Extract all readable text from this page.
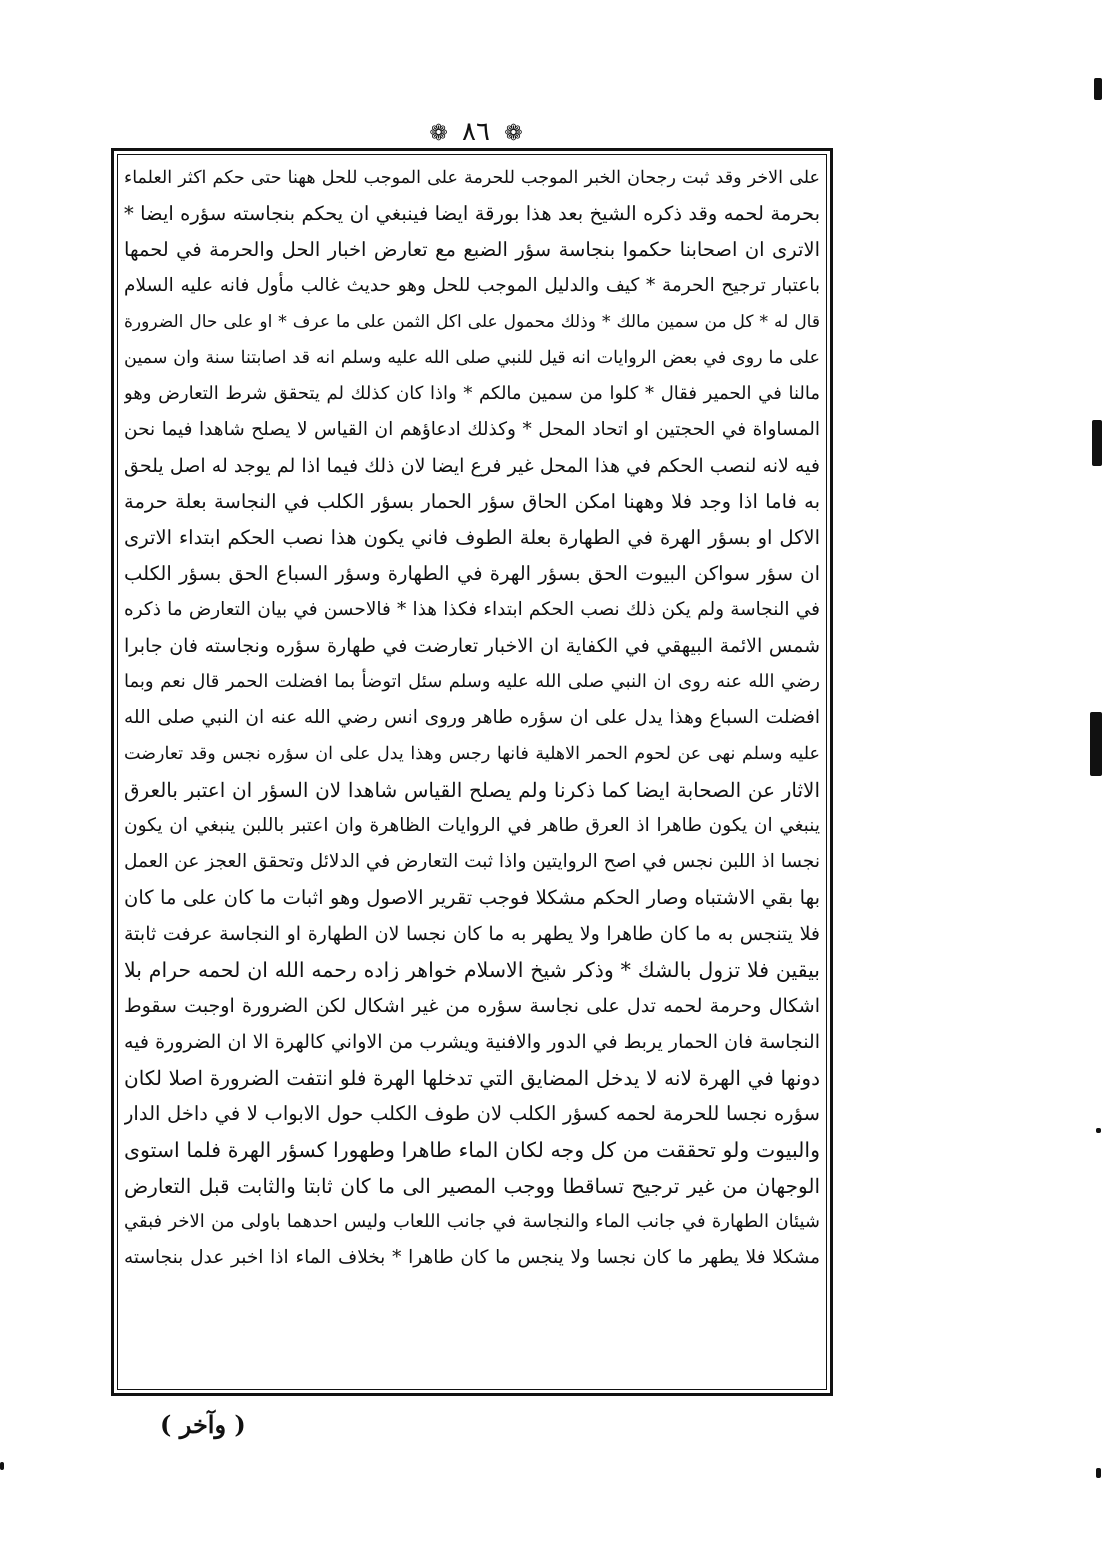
❁ ٨٦ ❁
على الاخر وقد ثبت رجحان الخبر الموجب للحرمة على الموجب للحل ههنا حتى حكم اكثر العلماء
بحرمة لحمه وقد ذكره الشيخ بعد هذا بورقة ايضا فينبغي ان يحكم بنجاسته سؤره ايضا *
الاترى ان اصحابنا حكموا بنجاسة سؤر الضبع مع تعارض اخبار الحل والحرمة في لحمها
باعتبار ترجيح الحرمة * كيف والدليل الموجب للحل وهو حديث غالب مأول فانه عليه السلام
قال له * كل من سمين مالك * وذلك محمول على اكل الثمن على ما عرف * او على حال الضرورة
على ما روى في بعض الروايات انه قيل للنبي صلى الله عليه وسلم انه قد اصابتنا سنة وان سمين
مالنا في الحمير فقال * كلوا من سمين مالكم * واذا كان كذلك لم يتحقق شرط التعارض وهو
المساواة في الحجتين او اتحاد المحل * وكذلك ادعاؤهم ان القياس لا يصلح شاهدا فيما نحن
فيه لانه لنصب الحكم في هذا المحل غير فرع ايضا لان ذلك فيما اذا لم يوجد له اصل يلحق
به فاما اذا وجد فلا وههنا امكن الحاق سؤر الحمار بسؤر الكلب في النجاسة بعلة حرمة
الاكل او بسؤر الهرة في الطهارة بعلة الطوف فاني يكون هذا نصب الحكم ابتداء الاترى
ان سؤر سواكن البيوت الحق بسؤر الهرة في الطهارة وسؤر السباع الحق بسؤر الكلب
في النجاسة ولم يكن ذلك نصب الحكم ابتداء فكذا هذا * فالاحسن في بيان التعارض ما ذكره
شمس الائمة البيهقي في الكفاية ان الاخبار تعارضت في طهارة سؤره ونجاسته فان جابرا
رضي الله عنه روى ان النبي صلى الله عليه وسلم سئل اتوضأ بما افضلت الحمر قال نعم وبما
افضلت السباع وهذا يدل على ان سؤره طاهر وروى انس رضي الله عنه ان النبي صلى الله
عليه وسلم نهى عن لحوم الحمر الاهلية فانها رجس وهذا يدل على ان سؤره نجس وقد تعارضت
الاثار عن الصحابة ايضا كما ذكرنا ولم يصلح القياس شاهدا لان السؤر ان اعتبر بالعرق
ينبغي ان يكون طاهرا اذ العرق طاهر في الروايات الظاهرة وان اعتبر باللبن ينبغي ان يكون
نجسا اذ اللبن نجس في اصح الروايتين واذا ثبت التعارض في الدلائل وتحقق العجز عن العمل
بها بقي الاشتباه وصار الحكم مشكلا فوجب تقرير الاصول وهو اثبات ما كان على ما كان
فلا يتنجس به ما كان طاهرا ولا يطهر به ما كان نجسا لان الطهارة او النجاسة عرفت ثابتة
بيقين فلا تزول بالشك * وذكر شيخ الاسلام خواهر زاده رحمه الله ان لحمه حرام بلا
اشكال وحرمة لحمه تدل على نجاسة سؤره من غير اشكال لكن الضرورة اوجبت سقوط
النجاسة فان الحمار يربط في الدور والافنية ويشرب من الاواني كالهرة الا ان الضرورة فيه
دونها في الهرة لانه لا يدخل المضايق التي تدخلها الهرة فلو انتفت الضرورة اصلا لكان
سؤره نجسا للحرمة لحمه كسؤر الكلب لان طوف الكلب حول الابواب لا في داخل الدار
والبيوت ولو تحققت من كل وجه لكان الماء طاهرا وطهورا كسؤر الهرة فلما استوى
الوجهان من غير ترجيح تساقطا ووجب المصير الى ما كان ثابتا والثابت قبل التعارض
شيئان الطهارة في جانب الماء والنجاسة في جانب اللعاب وليس احدهما باولى من الاخر فبقي
مشكلا فلا يطهر ما كان نجسا ولا ينجس ما كان طاهرا * بخلاف الماء اذا اخبر عدل بنجاسته
( وآخر )
